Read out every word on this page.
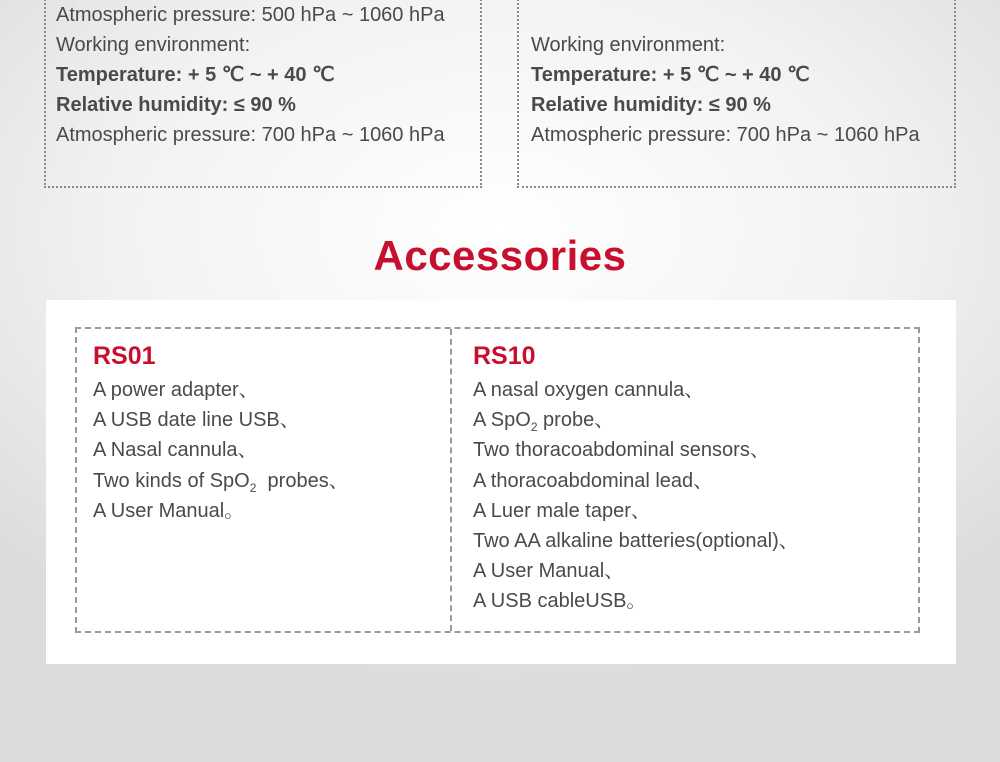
Atmospheric pressure: 500 hPa ~ 1060 hPa
Working environment:
Temperature: + 5 ℃ ~ + 40 ℃
Relative humidity: ≤ 90 %
Atmospheric pressure: 700 hPa ~ 1060 hPa
Working environment:
Temperature: + 5 ℃ ~ + 40 ℃
Relative humidity: ≤ 90 %
Atmospheric pressure: 700 hPa ~ 1060 hPa
Accessories
RS01
A power adapter、
A USB date line USB、
A Nasal cannula、
Two kinds of SpO$_2$  probes、
A User Manual。
RS10
A nasal oxygen cannula、
A SpO$_2$ probe、
Two thoracoabdominal sensors、
A thoracoabdominal lead、
A Luer male taper、
Two AA alkaline batteries(optional)、
A User Manual、
A USB cableUSB。
